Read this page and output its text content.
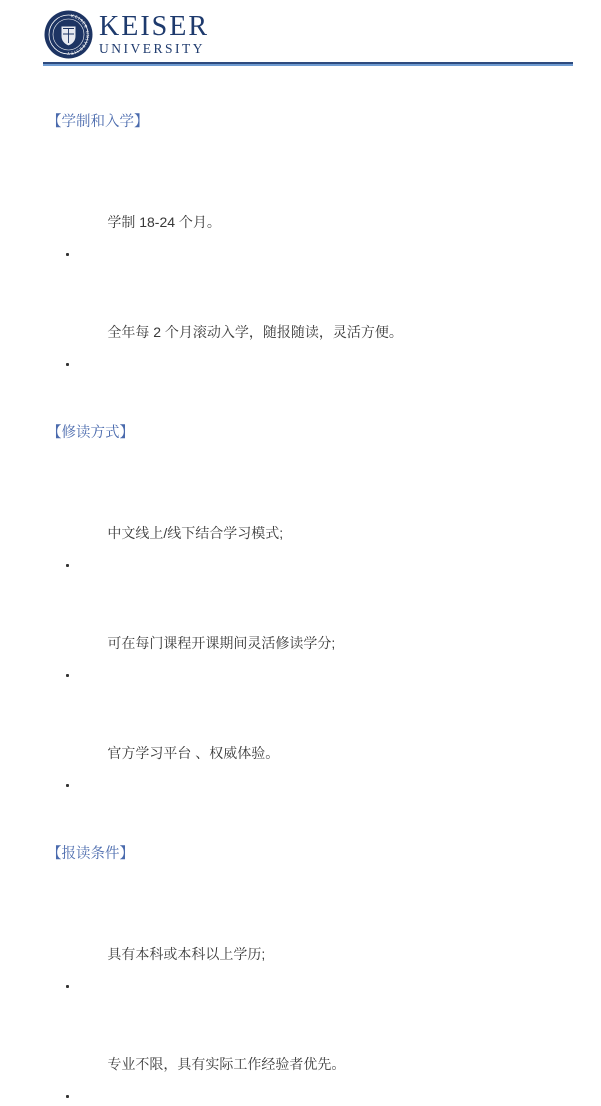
KEISER UNIVERSITY
KEISER
UNIVERSITY
【学制和入学】

学制 18-24 个月。

全年每 2 个月滚动入学，随报随读，灵活方便。

【修读方式】

中文线上/线下结合学习模式;

可在每门课程开课期间灵活修读学分;

官方学习平台 、权威体验。

【报读条件】

具有本科或本科以上学历;

专业不限，具有实际工作经验者优先。
